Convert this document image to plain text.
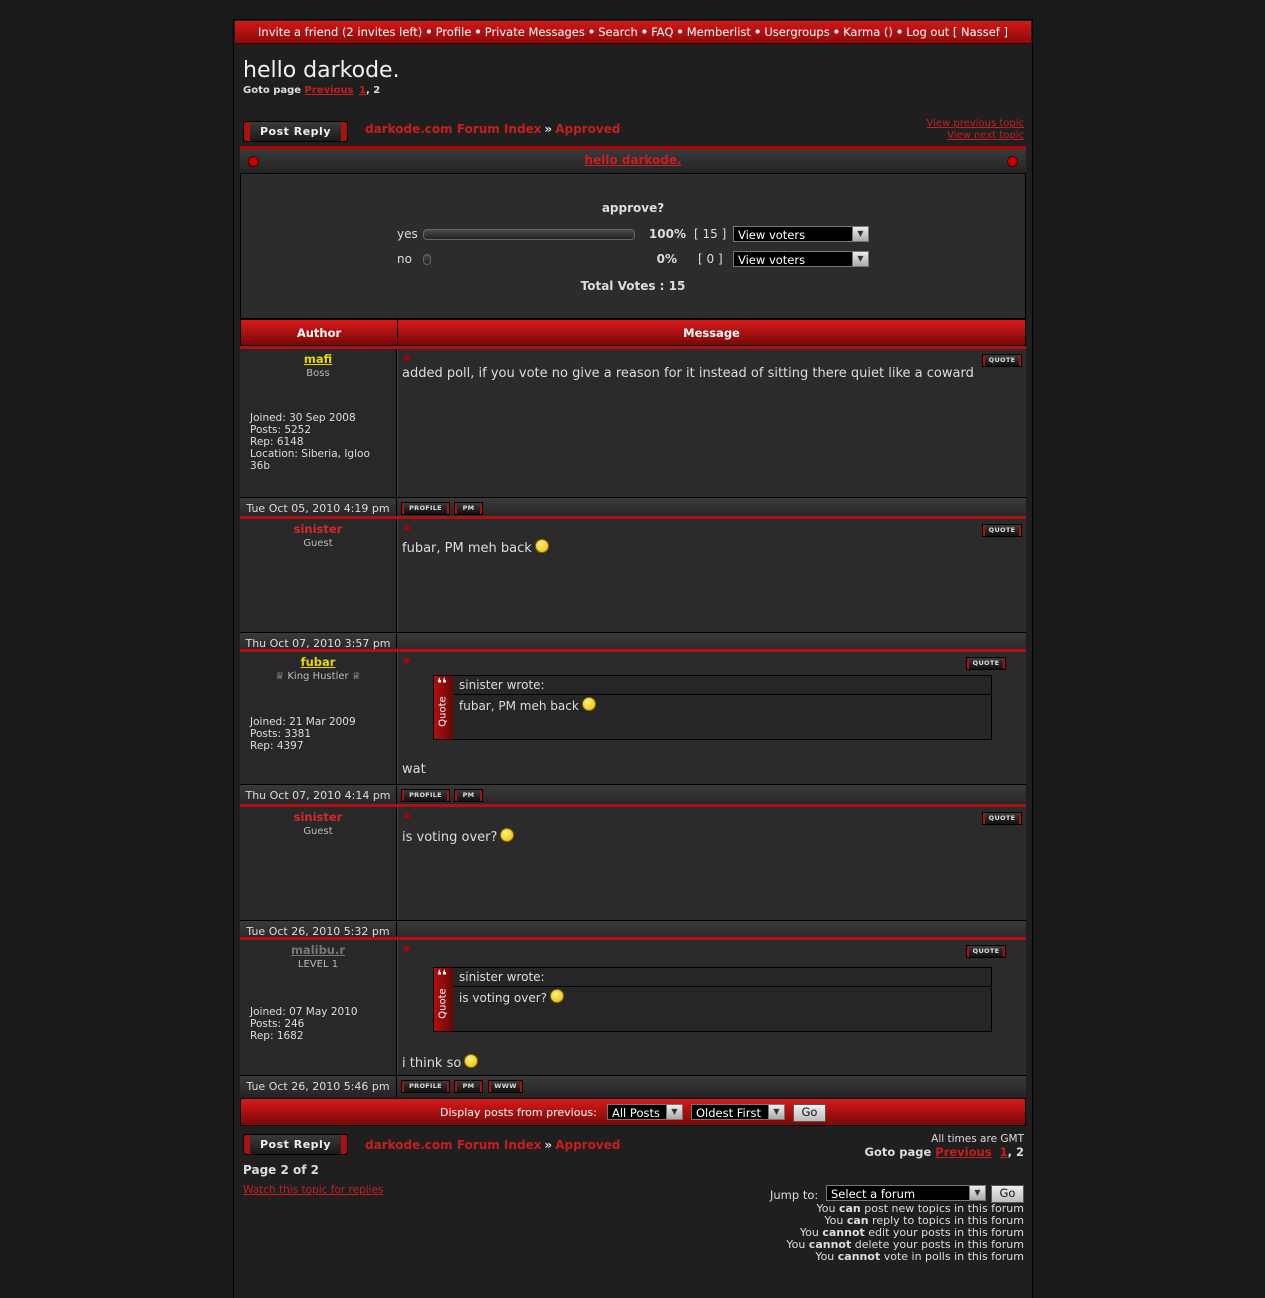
Invite a friend (2 invites left) • Profile • Private Messages • Search • FAQ • Memberlist • Usergroups • Karma () • Log out [ Nassef ]
hello darkode.
Goto page Previous 1, 2
Post Reply	darkode.com Forum Index » Approved	View previous topic
View next topic
hello darkode.
approve?
yes	100% [ 15 ]	View voters	▼
no	0% [ 0 ]	View voters	▼
Total Votes : 15
Author	Message
mafi
Boss
Joined: 30 Sep 2008
Posts: 5252
Rep: 6148
Location: Siberia, Igloo
36b
✱	QUOTE
added poll, if you vote no give a reason for it instead of sitting there quiet like a coward
Tue Oct 05, 2010 4:19 pm	PROFILE	PM
sinister
Guest
✱	QUOTE
fubar, PM meh back
Thu Oct 07, 2010 3:57 pm
fubar
♕ King Hustler ♕
Joined: 21 Mar 2009
Posts: 3381
Rep: 4397
✱	QUOTE
❛❛
Quote
sinister wrote:
fubar, PM meh back
wat
Thu Oct 07, 2010 4:14 pm	PROFILE	PM
sinister
Guest
✱	QUOTE
is voting over?
Tue Oct 26, 2010 5:32 pm
malibu.r
LEVEL 1
Joined: 07 May 2010
Posts: 246
Rep: 1682
✱	QUOTE
❛❛
Quote
sinister wrote:
is voting over?
i think so
Tue Oct 26, 2010 5:46 pm	PROFILE	PM	WWW
Display posts from previous:	All Posts	▼	Oldest First	▼	Go
Post Reply	darkode.com Forum Index » Approved	All times are GMT
Goto page Previous 1, 2
Page 2 of 2
Watch this topic for replies	Jump to:	Select a forum	▼	Go
You can post new topics in this forum
You can reply to topics in this forum
You cannot edit your posts in this forum
You cannot delete your posts in this forum
You cannot vote in polls in this forum
